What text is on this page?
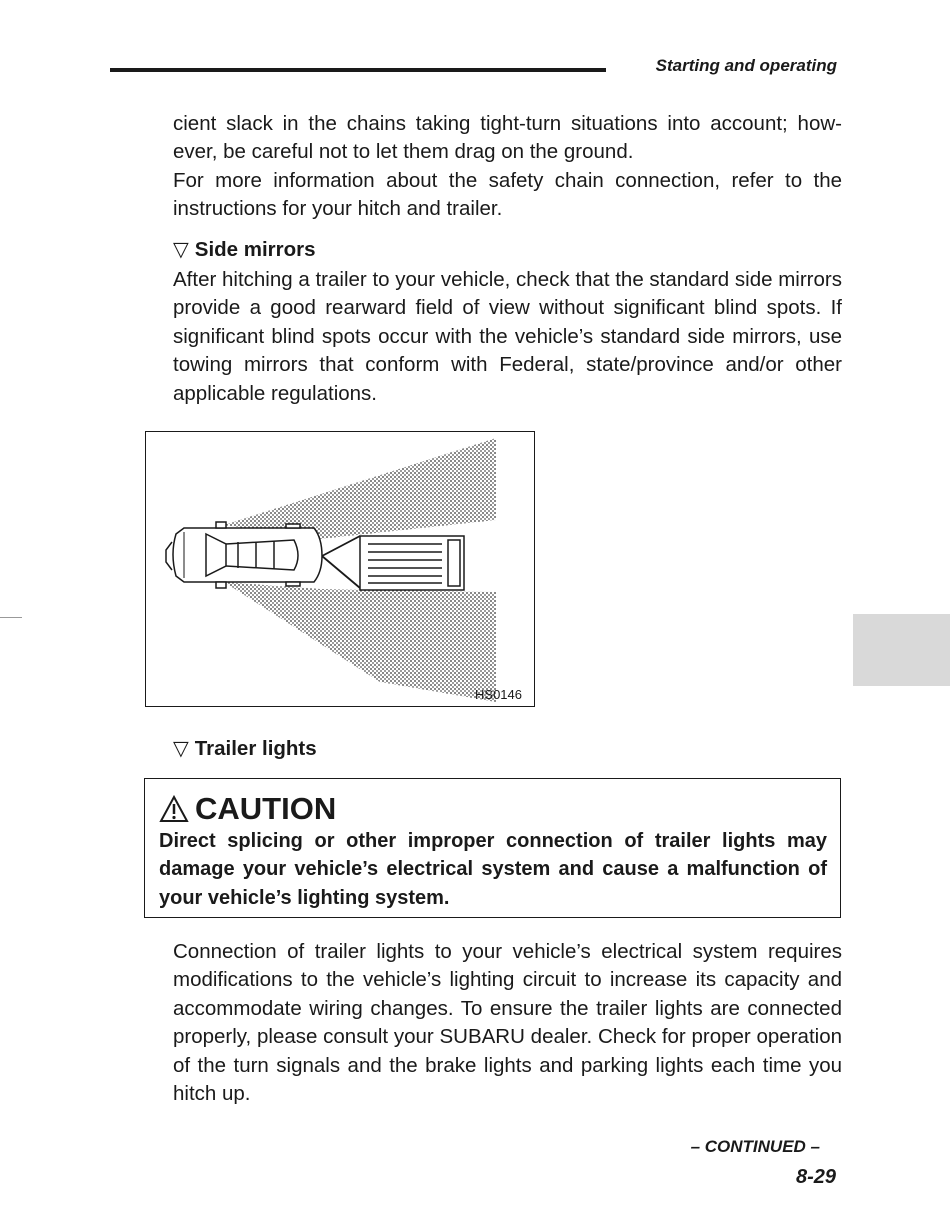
Starting and operating

cient slack in the chains taking tight-turn situations into account; how-ever, be careful not to let them drag on the ground.

For more information about the safety chain connection, refer to the instructions for your hitch and trailer.

▽ Side mirrors

After hitching a trailer to your vehicle, check that the standard side mirrors provide a good rearward field of view without significant blind spots. If significant blind spots occur with the vehicle’s standard side mirrors, use towing mirrors that conform with Federal, state/province and/or other applicable regulations.

HS0146
▽ Trailer lights
CAUTION

Direct splicing or other improper connection of trailer lights may damage your vehicle’s electrical system and cause a malfunction of your vehicle’s lighting system.

Connection of trailer lights to your vehicle’s electrical system requires modifications to the vehicle’s lighting circuit to increase its capacity and accommodate wiring changes. To ensure the trailer lights are connected properly, please consult your SUBARU dealer. Check for proper operation of the turn signals and the brake lights and parking lights each time you hitch up.

– CONTINUED –
8-29
